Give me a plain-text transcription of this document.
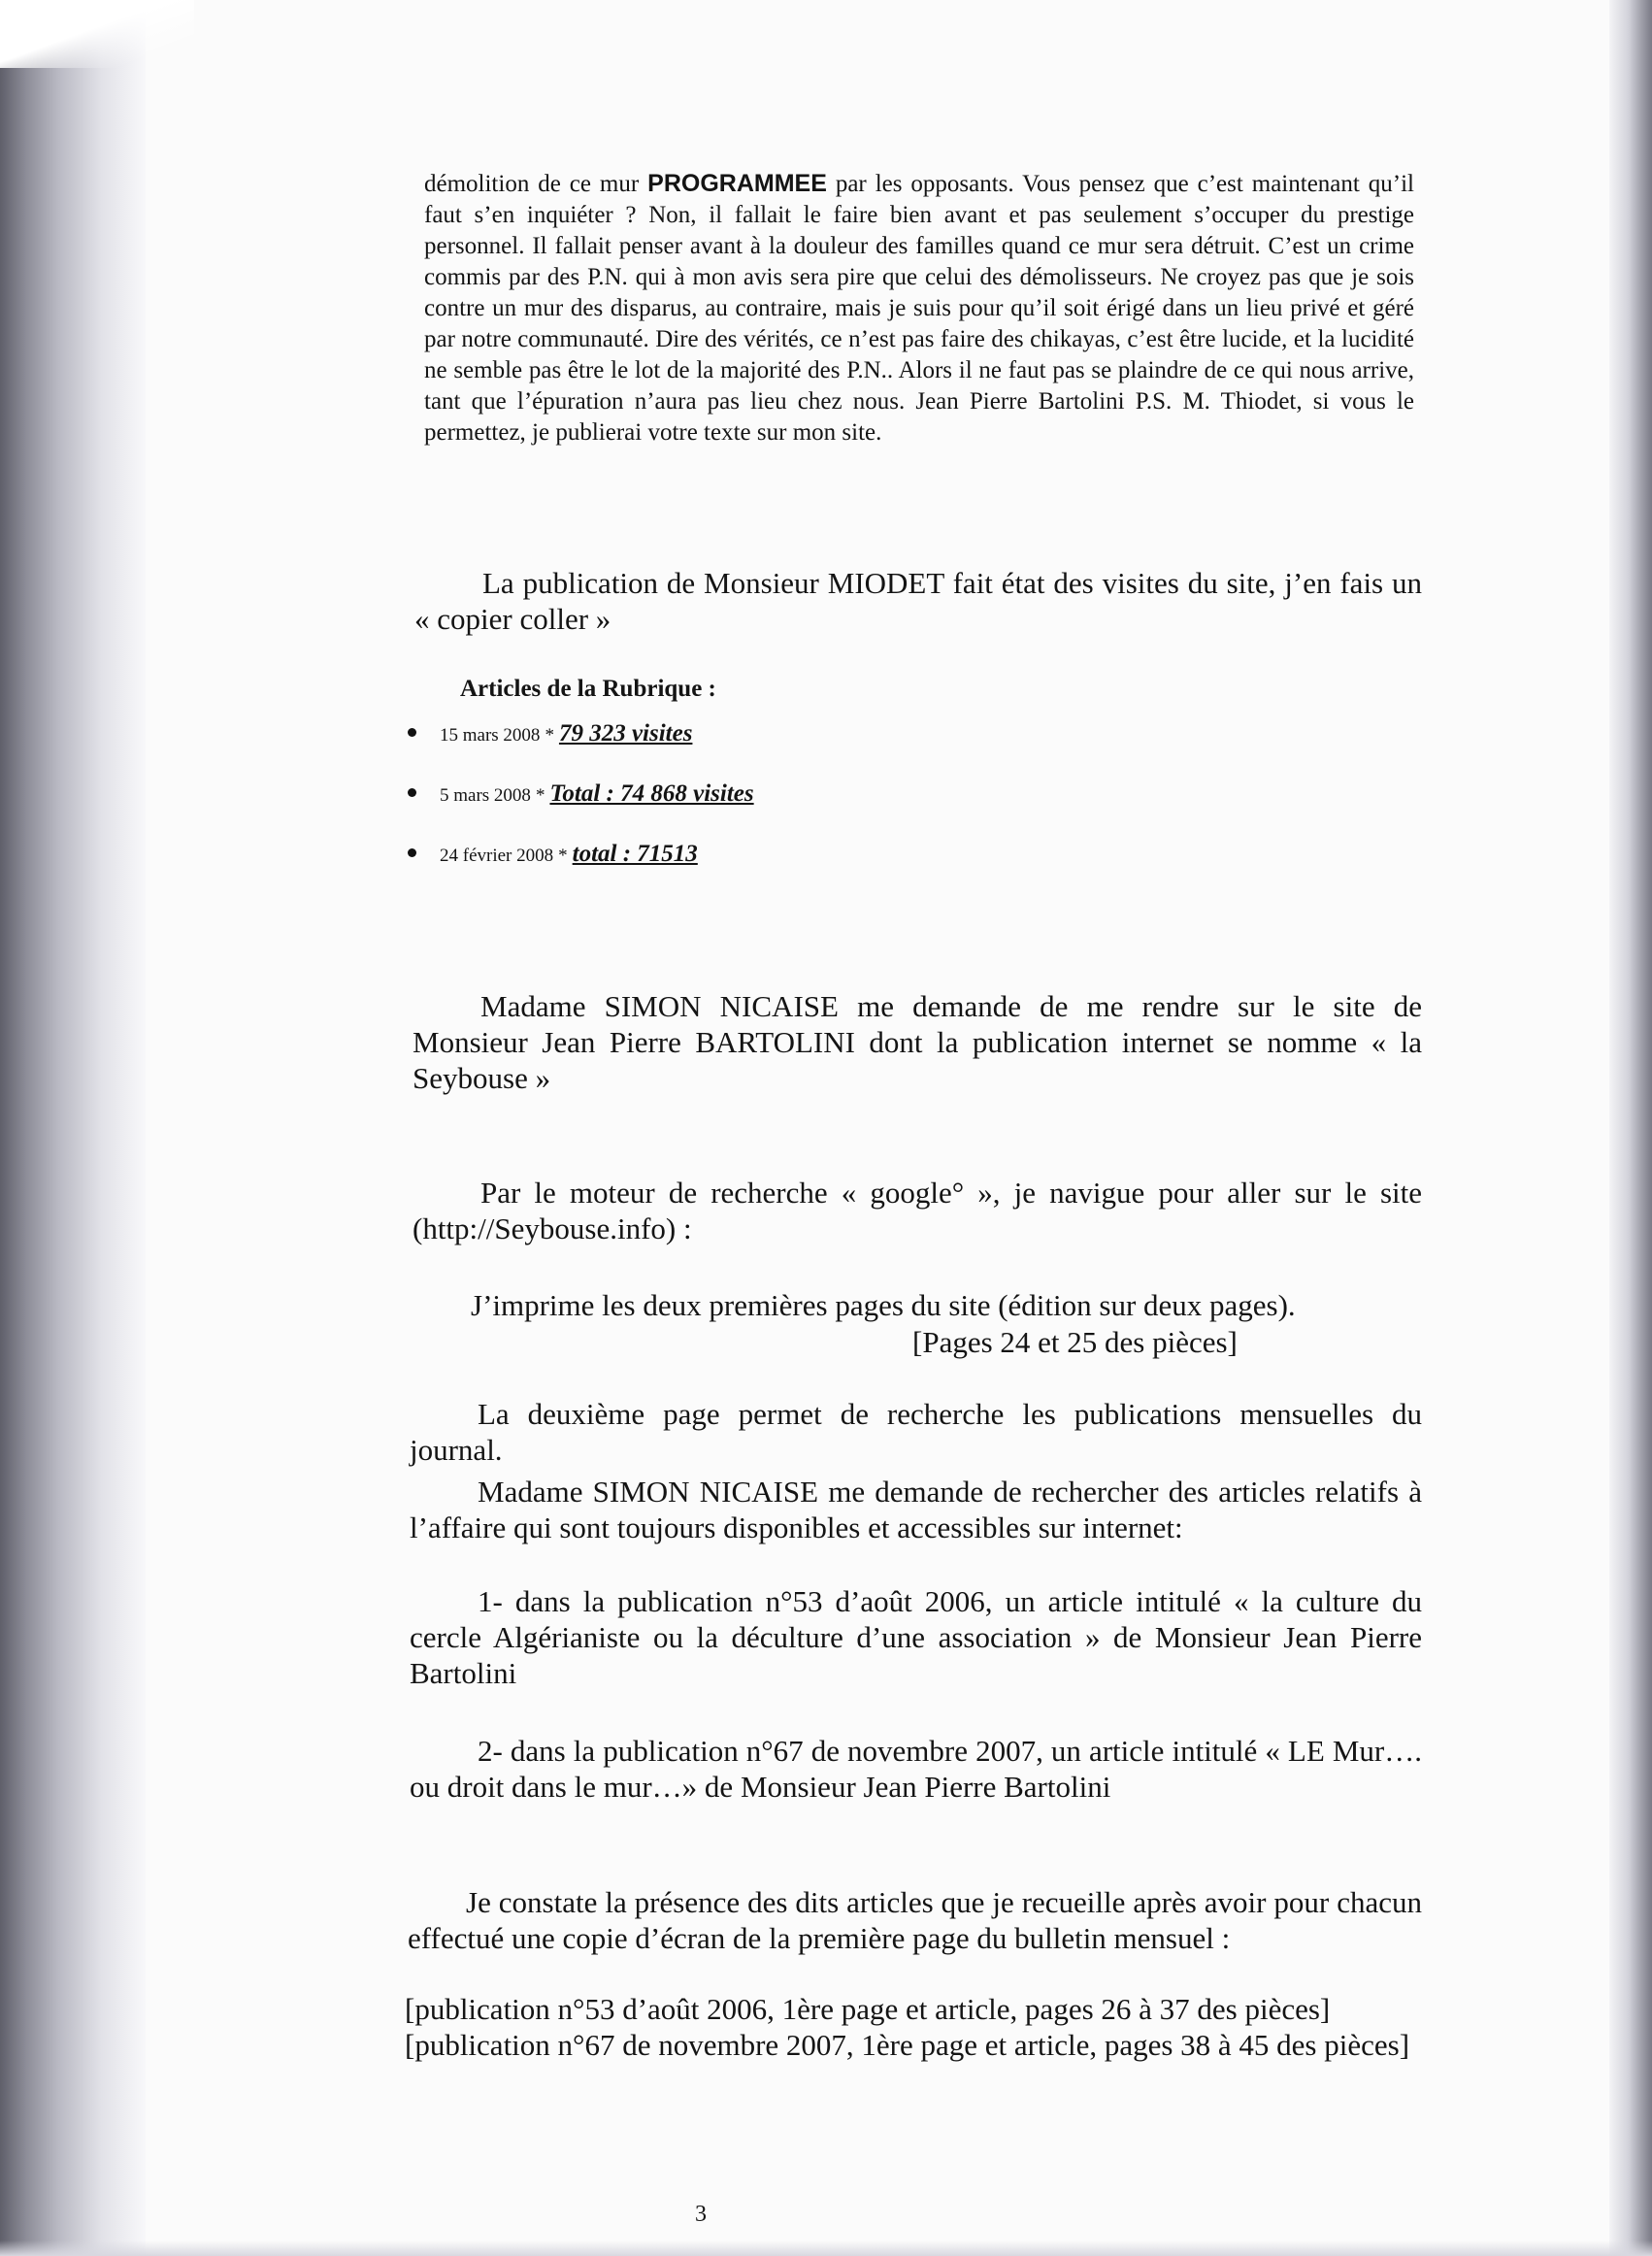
démolition de ce mur PROGRAMMEE par les opposants. Vous pensez que c’est maintenant qu’il faut s’en inquiéter ? Non, il fallait le faire bien avant et pas seulement s’occuper du prestige personnel. Il fallait penser avant à la douleur des familles quand ce mur sera détruit. C’est un crime commis par des P.N. qui à mon avis sera pire que celui des démolisseurs. Ne croyez pas que je sois contre un mur des disparus, au contraire, mais je suis pour qu’il soit érigé dans un lieu privé et géré par notre communauté. Dire des vérités, ce n’est pas faire des chikayas, c’est être lucide, et la lucidité ne semble pas être le lot de la majorité des P.N.. Alors il ne faut pas se plaindre de ce qui nous arrive, tant que l’épuration n’aura pas lieu chez nous. Jean Pierre Bartolini P.S. M. Thiodet, si vous le permettez, je publierai votre texte sur mon site.

La publication de Monsieur MIODET fait état des visites du site, j’en fais un « copier coller »

Articles de la Rubrique :
15 mars 2008 * 79 323 visites
5 mars 2008 * Total : 74 868 visites
24 février 2008 * total : 71513

Madame SIMON NICAISE me demande de me rendre sur le site de Monsieur Jean Pierre BARTOLINI dont la publication internet se nomme « la Seybouse »

Par le moteur de recherche « google° », je navigue pour aller sur le site (http://Seybouse.info) :

J’imprime les deux premières pages du site (édition sur deux pages).

[Pages 24 et 25 des pièces]

La deuxième page permet de recherche les publications mensuelles du journal.

Madame SIMON NICAISE me demande de rechercher des articles relatifs à l’affaire qui sont toujours disponibles et accessibles sur internet:

1- dans la publication n°53 d’août 2006, un article intitulé « la culture du cercle Algérianiste ou la déculture d’une association » de Monsieur Jean Pierre Bartolini

2- dans la publication n°67 de novembre 2007, un article intitulé « LE Mur…. ou droit dans le mur…» de Monsieur Jean Pierre Bartolini

Je constate la présence des dits articles que je recueille après avoir pour chacun effectué une copie d’écran de la première page du bulletin mensuel :

[publication n°53 d’août 2006, 1ère page et article, pages 26 à 37 des pièces]

[publication n°67 de novembre 2007, 1ère page et article, pages 38 à 45 des pièces]

3
